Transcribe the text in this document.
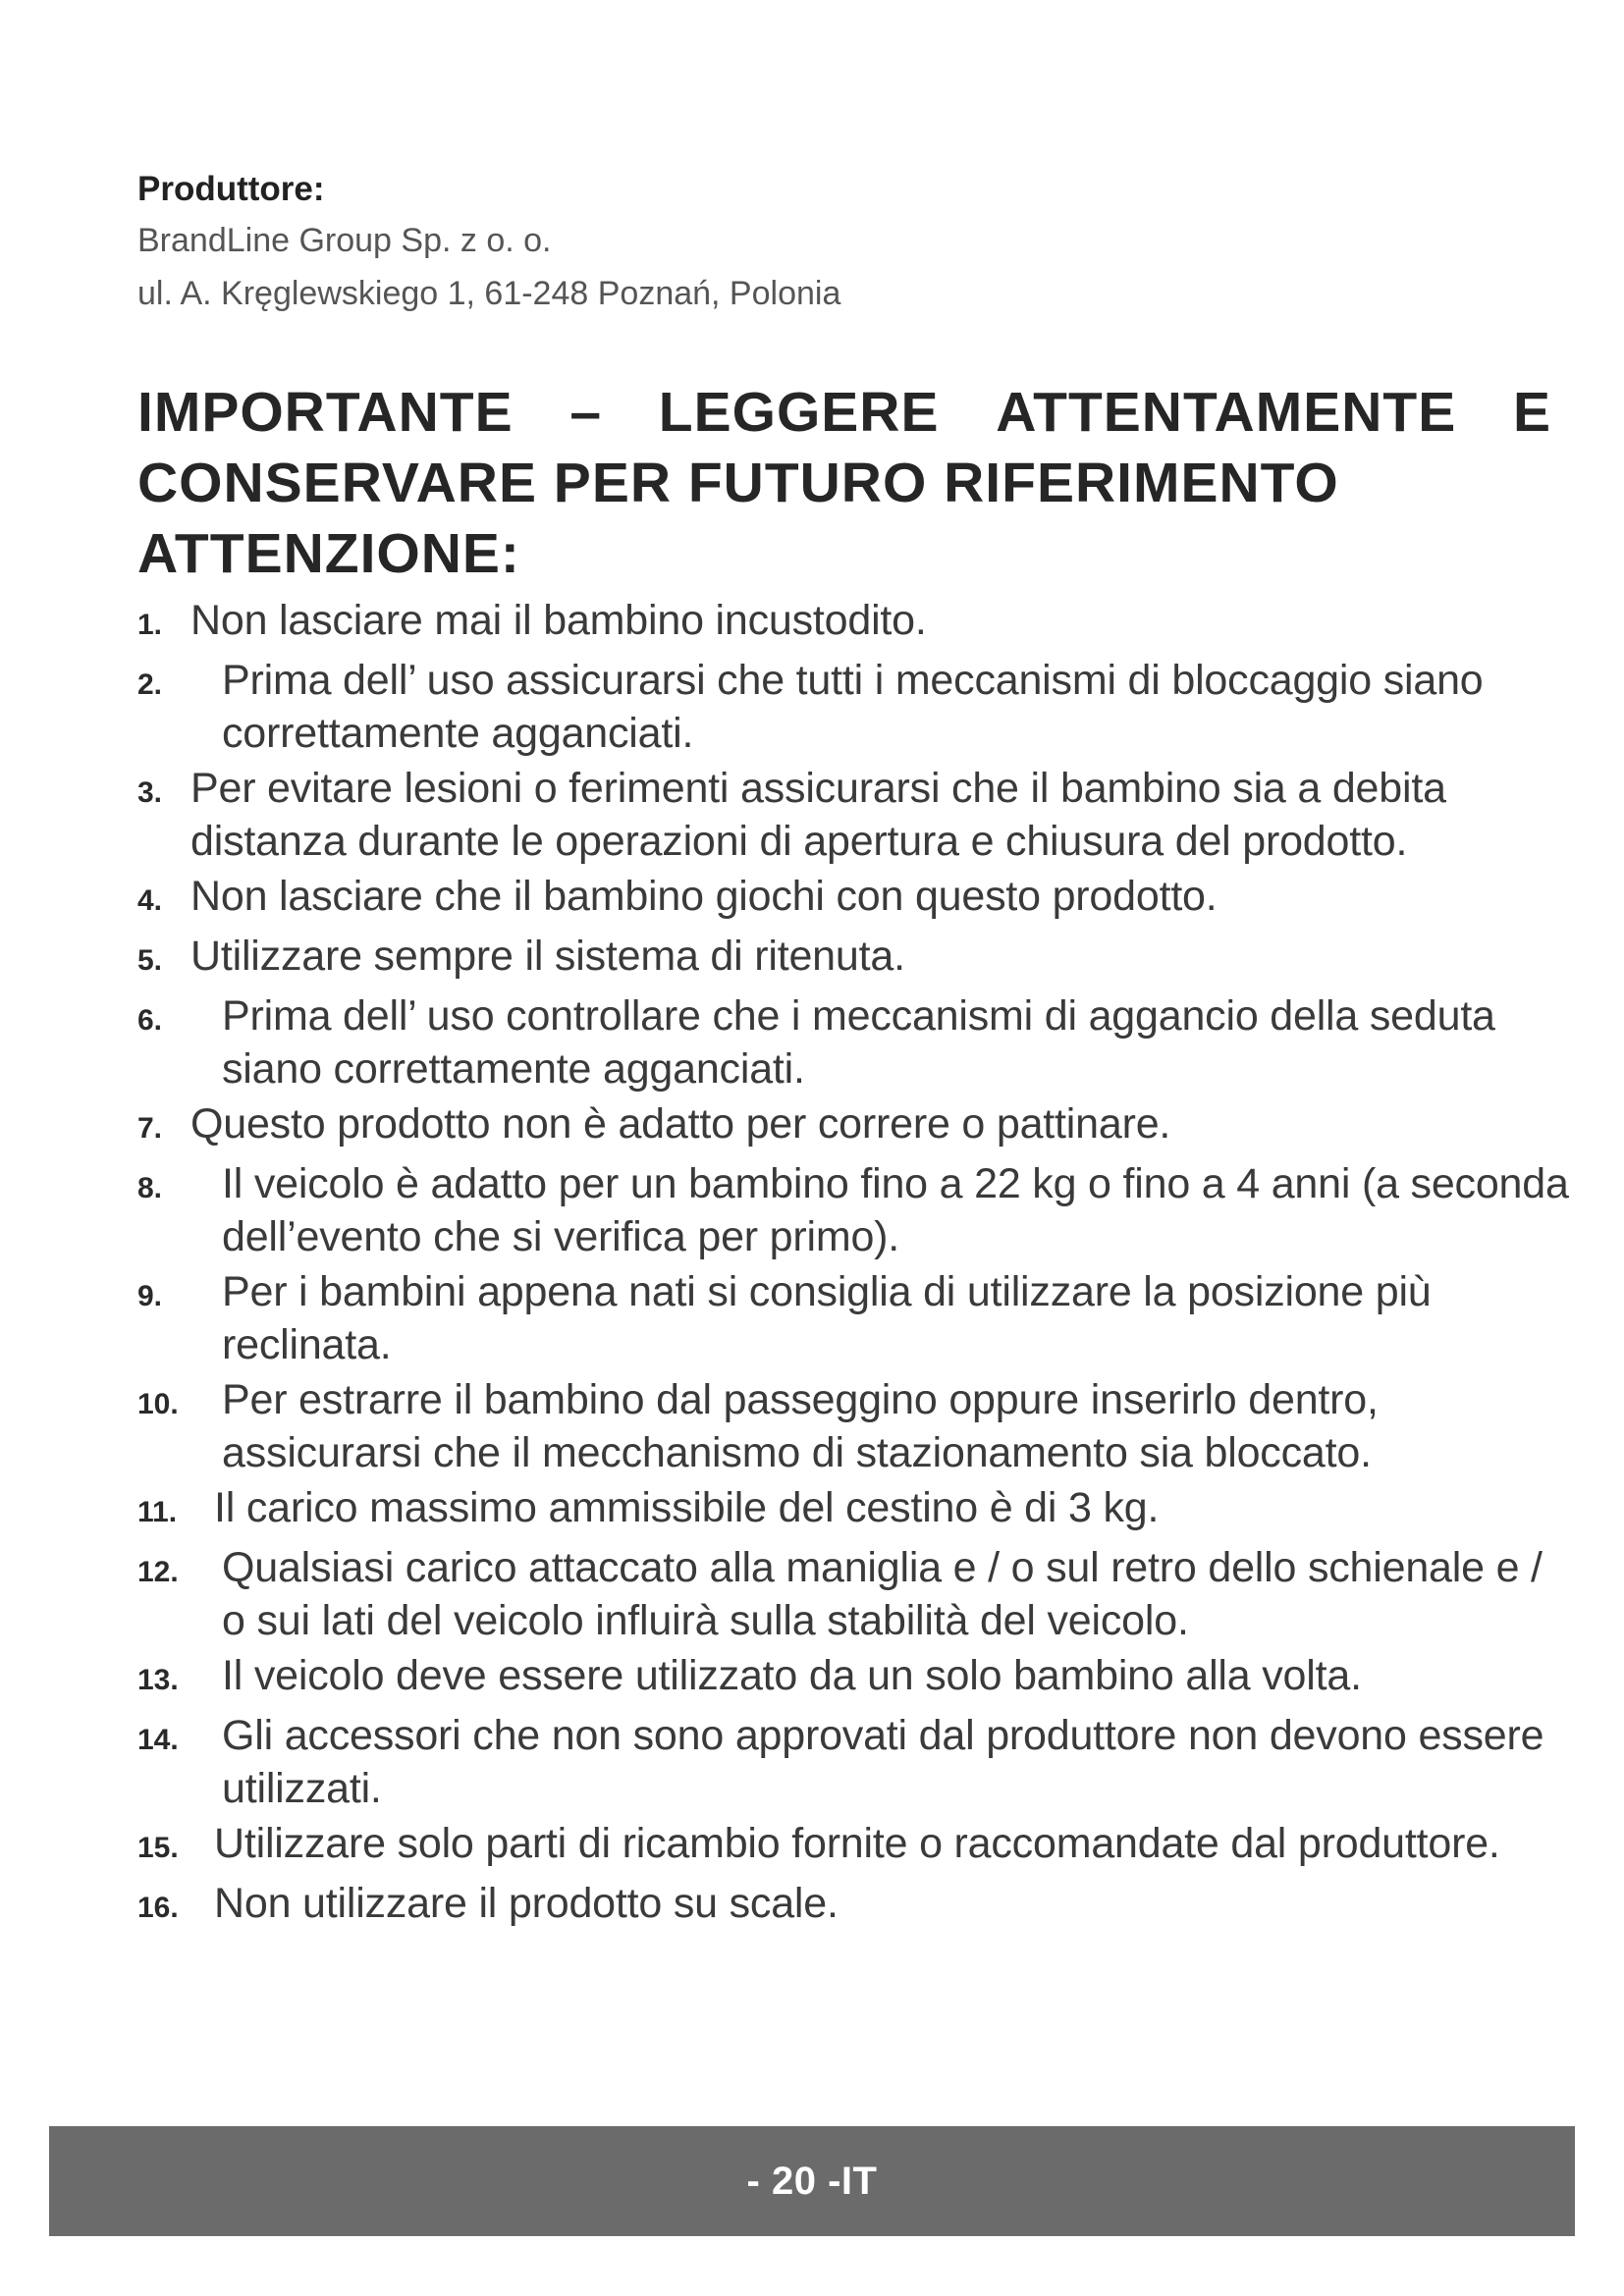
Produttore:
BrandLine Group Sp. z o. o.
ul. A. Kręglewskiego 1, 61-248 Poznań, Polonia
IMPORTANTE – LEGGERE ATTENTAMENTE E
CONSERVARE PER FUTURO RIFERIMENTO
ATTENZIONE:
1. Non lasciare mai il bambino incustodito.
2.	Prima dell’ uso assicurarsi che tutti i meccanismi di bloccaggio siano correttamente agganciati.
3. Per evitare lesioni o ferimenti assicurarsi che il bambino sia a debita distanza durante le operazioni di apertura e chiusura del prodotto.
4. Non lasciare che il bambino giochi con questo prodotto.
5. Utilizzare sempre il sistema di ritenuta.
6.	Prima dell’ uso controllare che i meccanismi di aggancio della seduta siano correttamente agganciati.
7. Questo prodotto non è adatto per correre o pattinare.
8.	Il veicolo è adatto per un bambino fino a 22 kg o fino a 4 anni (a seconda dell’evento che si verifica per primo).
9.	Per i bambini appena nati si consiglia di utilizzare la posizione più reclinata.
10.	Per estrarre il bambino dal passeggino oppure inserirlo dentro, assicurarsi che il mecchanismo di stazionamento sia bloccato.
11. Il carico massimo ammissibile del cestino è di 3 kg.
12.	Qualsiasi carico attaccato alla maniglia e / o sul retro dello schienale e / o sui lati del veicolo influirà sulla stabilità del veicolo.
13.	Il veicolo deve essere utilizzato da un solo bambino alla volta.
14.	Gli accessori che non sono approvati dal produttore non devono essere utilizzati.
15. Utilizzare solo parti di ricambio fornite o raccomandate dal produttore.
16. Non utilizzare il prodotto su scale.
- 20 -IT
